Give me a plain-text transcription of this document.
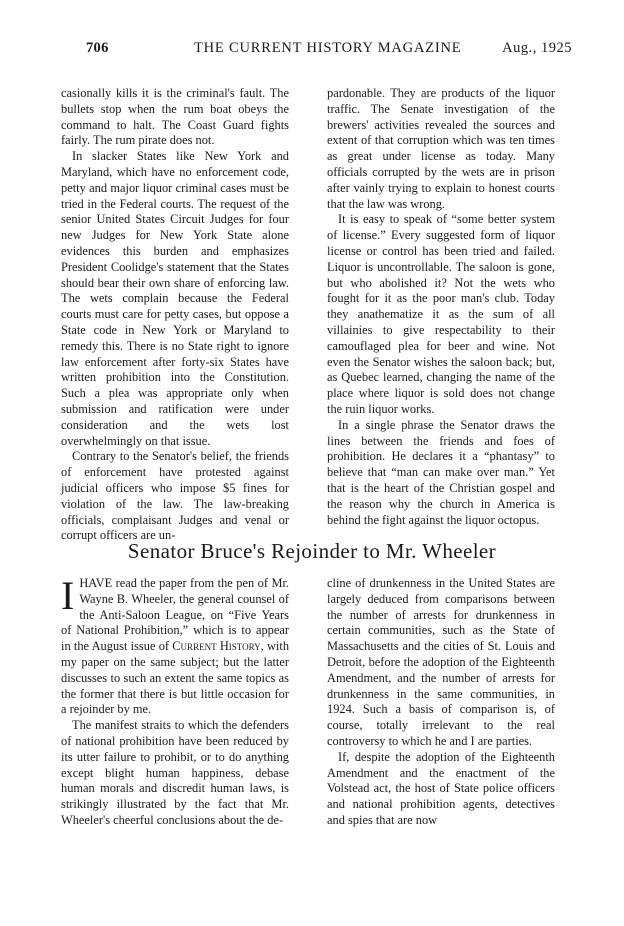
706	THE CURRENT HISTORY MAGAZINE	Aug., 1925

casionally kills it is the criminal's fault. The bullets stop when the rum boat obeys the command to halt. The Coast Guard fights fairly. The rum pirate does not.

In slacker States like New York and Maryland, which have no enforcement code, petty and major liquor criminal cases must be tried in the Federal courts. The request of the senior United States Circuit Judges for four new Judges for New York State alone evidences this burden and emphasizes President Coolidge's statement that the States should bear their own share of enforcing law. The wets complain because the Federal courts must care for petty cases, but oppose a State code in New York or Maryland to remedy this. There is no State right to ignore law enforcement after forty-six States have written prohibition into the Constitution. Such a plea was appropriate only when submission and ratification were under consideration and the wets lost overwhelmingly on that issue.

Contrary to the Senator's belief, the friends of enforcement have protested against judicial officers who impose $5 fines for violation of the law. The law-breaking officials, complaisant Judges and venal or corrupt officers are un-

pardonable. They are products of the liquor traffic. The Senate investigation of the brewers' activities revealed the sources and extent of that corruption which was ten times as great under license as today. Many officials corrupted by the wets are in prison after vainly trying to explain to honest courts that the law was wrong.

It is easy to speak of “some better system of license.” Every suggested form of liquor license or control has been tried and failed. Liquor is uncontrollable. The saloon is gone, but who abolished it? Not the wets who fought for it as the poor man's club. Today they anathematize it as the sum of all villainies to give respectability to their camouflaged plea for beer and wine. Not even the Senator wishes the saloon back; but, as Quebec learned, changing the name of the place where liquor is sold does not change the ruin liquor works.

In a single phrase the Senator draws the lines between the friends and foes of prohibition. He declares it a “phantasy” to believe that “man can make over man.” Yet that is the heart of the Christian gospel and the reason why the church in America is behind the fight against the liquor octopus.

Senator Bruce's Rejoinder to Mr. Wheeler

IHAVE read the paper from the pen of Mr. Wayne B. Wheeler, the general counsel of the Anti-Saloon League, on “Five Years of National Prohibition,” which is to appear in the August issue of Current History, with my paper on the same subject; but the latter discusses to such an extent the same topics as the former that there is but little occasion for a rejoinder by me.

The manifest straits to which the defenders of national prohibition have been reduced by its utter failure to prohibit, or to do anything except blight human happiness, debase human morals and discredit human laws, is strikingly illustrated by the fact that Mr. Wheeler's cheerful conclusions about the de-

cline of drunkenness in the United States are largely deduced from comparisons between the number of arrests for drunkenness in certain communities, such as the State of Massachusetts and the cities of St. Louis and Detroit, before the adoption of the Eighteenth Amendment, and the number of arrests for drunkenness in the same communities, in 1924. Such a basis of comparison is, of course, totally irrelevant to the real controversy to which he and I are parties.

If, despite the adoption of the Eighteenth Amendment and the enactment of the Volstead act, the host of State police officers and national prohibition agents, detectives and spies that are now
